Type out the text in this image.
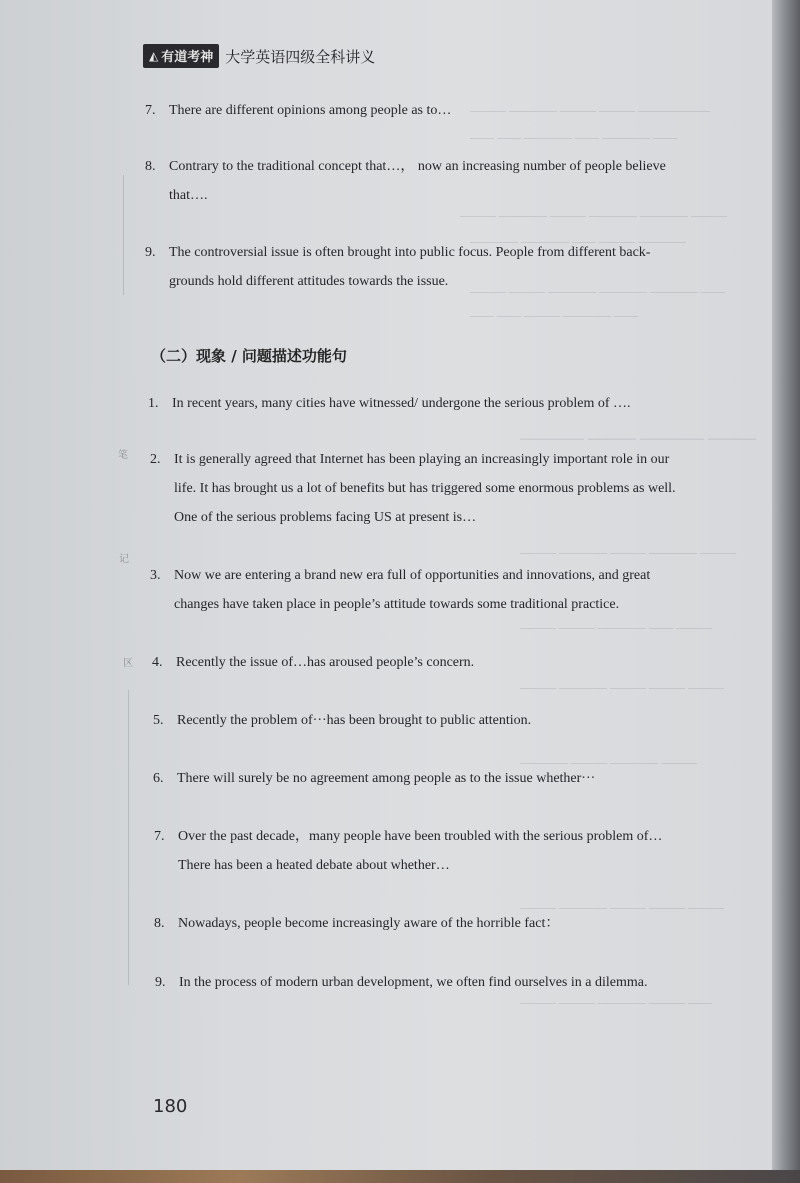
——— ———— ——— ——— ——————
—— —— ———— —— ———— ——
——— ———— ——— ———— ———— ———
———— ———— —— ——— ————
——— ——— ———— ———— ———— ——
—— —— ——— ———— ——
———— ——— ———— ———
——— ———— ——— ———— ———
——— ——— ———— —— ———
——— ———— ——— ——— ———
———— ——— ———— ———
——— ———— ——— ——— ———
——— ——— ———— ——— ——
◭ 有道考神 大学英语四级全科讲义
7. There are different opinions among people as to…
8. Contrary to the traditional concept that…， now an increasing number of people believe
that….
9. The controversial issue is often brought into public focus. People from different back-
grounds hold different attitudes towards the issue.
（二）现象 / 问题描述功能句
1. In recent years, many cities have witnessed/ undergone the serious problem of ….
2. It is generally agreed that Internet has been playing an increasingly important role in our
life. It has brought us a lot of benefits but has triggered some enormous problems as well.
One of the serious problems facing US at present is…
3. Now we are entering a brand new era full of opportunities and innovations, and great
changes have taken place in people’s attitude towards some traditional practice.
4. Recently the issue of…has aroused people’s concern.
5. Recently the problem of···has been brought to public attention.
6. There will surely be no agreement among people as to the issue whether···
7. Over the past decade，many people have been troubled with the serious problem of…
There has been a heated debate about whether…
8. Nowadays, people become increasingly aware of the horrible fact：
9. In the process of modern urban development, we often find ourselves in a dilemma.
笔
记
区
180
